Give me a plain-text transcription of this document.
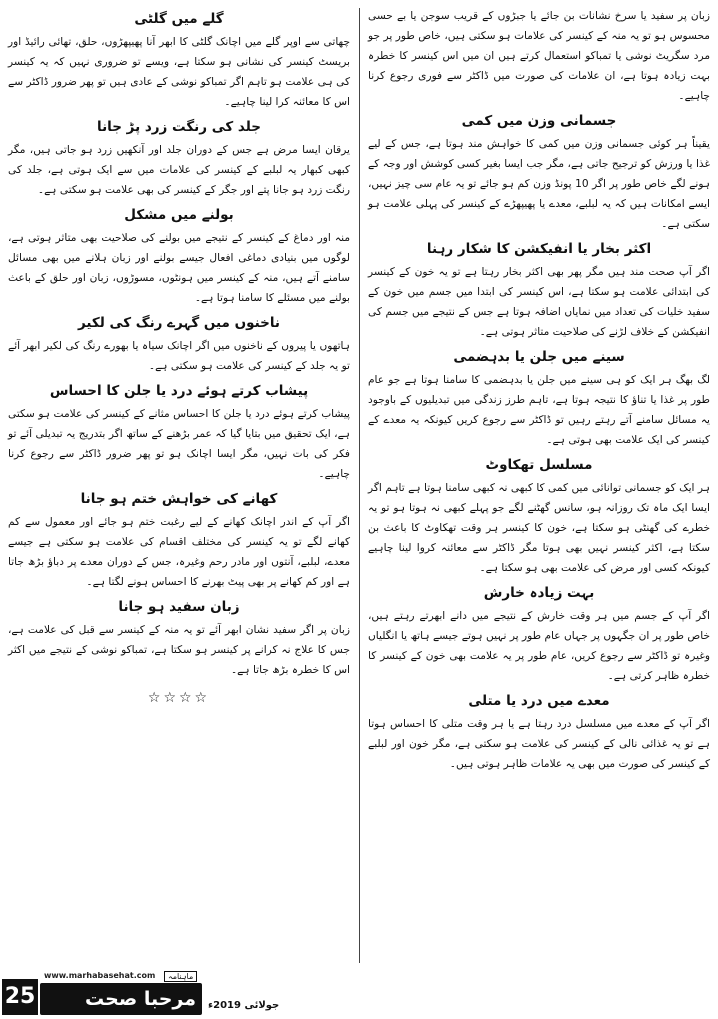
زبان پر سفید یا سرخ نشانات بن جائے یا جبڑوں کے قریب سوجن یا بے حسی محسوس ہو تو یہ منہ کے کینسر کی علامات ہو سکتی ہیں، خاص طور پر جو مرد سگریٹ نوشی یا تمباکو استعمال کرتے ہیں ان میں اس کینسر کا خطرہ بہت زیادہ ہوتا ہے، ان علامات کی صورت میں ڈاکٹر سے فوری رجوع کرنا چاہیے۔

جسمانی وزن میں کمی

یقیناً ہر کوئی جسمانی وزن میں کمی کا خواہش مند ہوتا ہے، جس کے لیے غذا یا ورزش کو ترجیح جاتی ہے، مگر جب ایسا بغیر کسی کوشش اور وجہ کے ہونے لگے خاص طور پر اگر 10 پونڈ وزن کم ہو جائے تو یہ عام سی چیز نہیں، ایسے امکانات ہیں کہ یہ لبلبے، معدے یا پھیپھڑے کے کینسر کی پہلی علامت ہو سکتی ہے۔

اکثر بخار یا انفیکشن کا شکار رہنا

اگر آپ صحت مند ہیں مگر پھر بھی اکثر بخار رہتا ہے تو یہ خون کے کینسر کی ابتدائی علامت ہو سکتا ہے، اس کینسر کی ابتدا میں جسم میں خون کے سفید خلیات کی تعداد میں نمایاں اضافہ ہوتا ہے جس کے نتیجے میں جسم کی انفیکشن کے خلاف لڑنے کی صلاحیت متاثر ہوتی ہے۔

سینے میں جلن یا بدہضمی

لگ بھگ ہر ایک کو ہی سینے میں جلن یا بدہضمی کا سامنا ہوتا ہے جو عام طور پر غذا یا تناؤ کا نتیجہ ہوتا ہے، تاہم طرز زندگی میں تبدیلیوں کے باوجود یہ مسائل سامنے آتے رہتے رہیں تو ڈاکٹر سے رجوع کریں کیونکہ یہ معدے کے کینسر کی ایک علامت بھی ہوتی ہے۔

مسلسل تھکاوٹ

ہر ایک کو جسمانی توانائی میں کمی کا کبھی نہ کبھی سامنا ہوتا ہے تاہم اگر ایسا ایک ماہ تک روزانہ ہو، سانس گھٹنے لگے جو پہلے کبھی نہ ہوتا ہو تو یہ خطرے کی گھنٹی ہو سکتا ہے، خون کا کینسر ہر وقت تھکاوٹ کا باعث بن سکتا ہے، اکثر کینسر نہیں بھی ہوتا مگر ڈاکٹر سے معائنہ کروا لینا چاہیے کیونکہ کسی اور مرض کی علامت بھی ہو سکتا ہے۔

بہت زیادہ خارش

اگر آپ کے جسم میں ہر وقت خارش کے نتیجے میں دانے ابھرتے رہتے ہیں، خاص طور پر ان جگہوں پر جہاں عام طور پر نہیں ہوتے جیسے ہاتھ یا انگلیاں وغیرہ تو ڈاکٹر سے رجوع کریں، عام طور پر یہ علامت بھی خون کے کینسر کا خطرہ ظاہر کرتی ہے۔

معدے میں درد یا متلی

اگر آپ کے معدے میں مسلسل درد رہتا ہے یا ہر وقت متلی کا احساس ہوتا ہے تو یہ غذائی نالی کے کینسر کی علامت ہو سکتی ہے، مگر خون اور لبلبے کے کینسر کی صورت میں بھی یہ علامات ظاہر ہوتی ہیں۔

گلے میں گلٹی

چھاتی سے اوپر گلے میں اچانک گلٹی کا ابھر آنا پھیپھڑوں، حلق، تھائی رائیڈ اور بریسٹ کینسر کی نشانی ہو سکتا ہے، ویسے تو ضروری نہیں کہ یہ کینسر کی ہی علامت ہو تاہم اگر تمباکو نوشی کے عادی ہیں تو پھر ضرور ڈاکٹر سے اس کا معائنہ کرا لینا چاہیے۔

جلد کی رنگت زرد پڑ جانا

یرقان ایسا مرض ہے جس کے دوران جلد اور آنکھیں زرد ہو جاتی ہیں، مگر کبھی کبھار یہ لبلبے کے کینسر کی علامات میں سے ایک ہوتی ہے، جلد کی رنگت زرد ہو جانا پتے اور جگر کے کینسر کی بھی علامت ہو سکتی ہے۔

بولنے میں مشکل

منہ اور دماغ کے کینسر کے نتیجے میں بولنے کی صلاحیت بھی متاثر ہوتی ہے، لوگوں میں بنیادی دماغی افعال جیسے بولنے اور زبان ہلانے میں بھی مسائل سامنے آتے ہیں، منہ کے کینسر میں ہونٹوں، مسوڑوں، زبان اور حلق کے باعث بولنے میں مسئلے کا سامنا ہوتا ہے۔

ناخنوں میں گہرے رنگ کی لکیر

ہاتھوں یا پیروں کے ناخنوں میں اگر اچانک سیاہ یا بھورے رنگ کی لکیر ابھر آئے تو یہ جلد کے کینسر کی علامت ہو سکتی ہے۔

پیشاب کرتے ہوئے درد یا جلن کا احساس

پیشاب کرتے ہوئے درد یا جلن کا احساس مثانے کے کینسر کی علامت ہو سکتی ہے، ایک تحقیق میں بتایا گیا کہ عمر بڑھنے کے ساتھ اگر بتدریج یہ تبدیلی آئے تو فکر کی بات نہیں، مگر ایسا اچانک ہو تو پھر ضرور ڈاکٹر سے رجوع کرنا چاہیے۔

کھانے کی خواہش ختم ہو جانا

اگر آپ کے اندر اچانک کھانے کے لیے رغبت ختم ہو جائے اور معمول سے کم کھانے لگے تو یہ کینسر کی مختلف اقسام کی علامت ہو سکتی ہے جیسے معدے، لبلبے، آنتوں اور مادر رحم وغیرہ، جس کے دوران معدے پر دباؤ بڑھ جاتا ہے اور کم کھانے پر بھی پیٹ بھرنے کا احساس ہونے لگتا ہے۔

زبان سفید ہو جانا

زبان پر اگر سفید نشان ابھر آئے تو یہ منہ کے کینسر سے قبل کی علامت ہے، جس کا علاج نہ کرانے پر کینسر ہو سکتا ہے، تمباکو نوشی کے نتیجے میں اکثر اس کا خطرہ بڑھ جاتا ہے۔

☆☆☆☆
25
www.marhabasehat.com
مرحبا صحت
ماہنامہ
جولائی 2019ء
